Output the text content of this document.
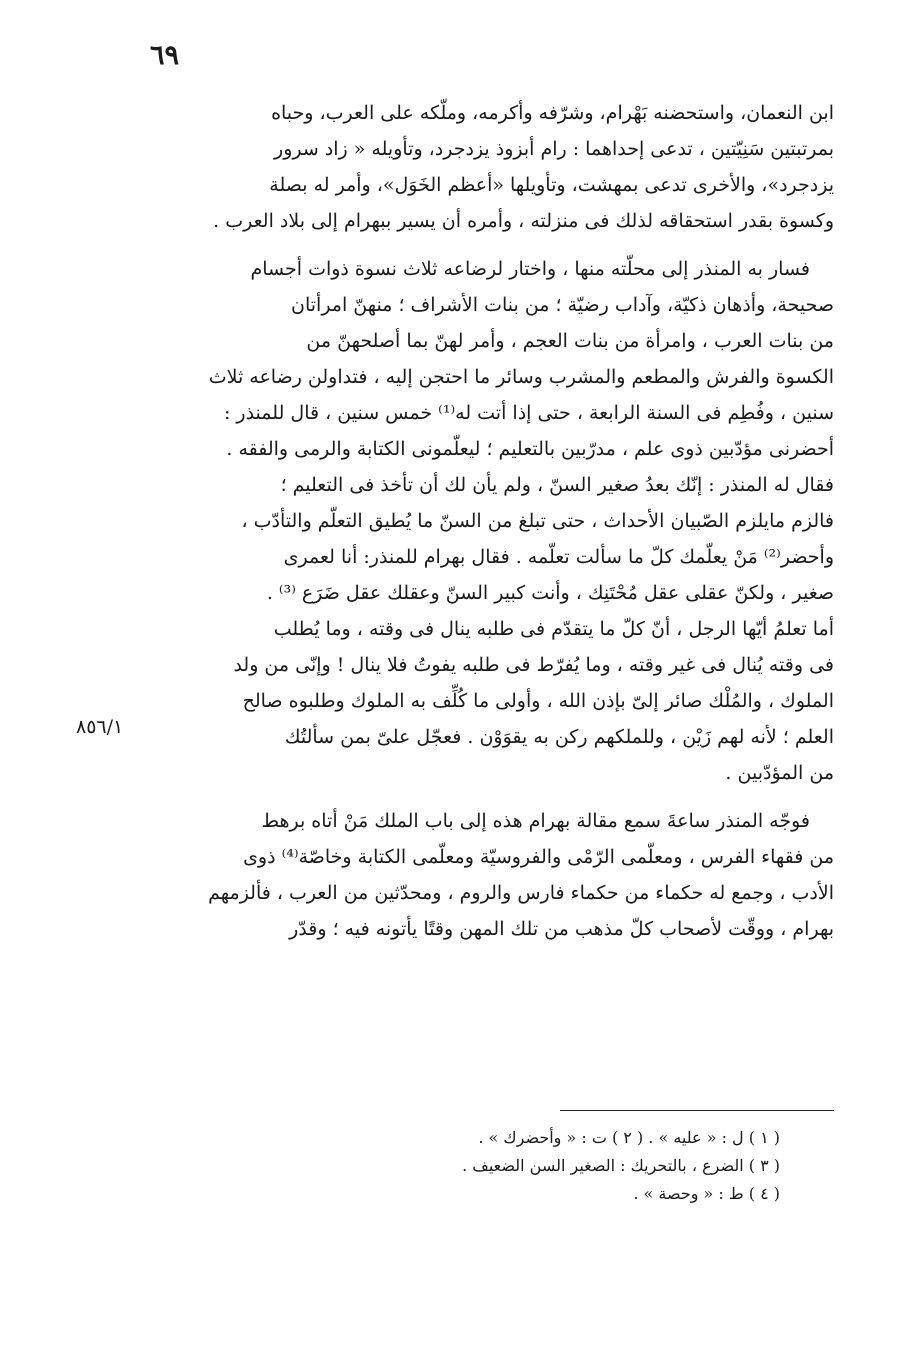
٦٩
٨٥٦/١

ابن النعمان، واستحضنه بَهْرام، وشرّفه وأكرمه، وملّكه على العرب، وحباه
بمرتبتين سَنِيّتين ، تدعى إحداهما : رام أبزوذ يزدجرد، وتأويله « زاد سرور
يزدجرد»، والأخرى تدعى بمهشت، وتأويلها «أعظم الخَوَل»، وأمر له بصلة
وكسوة بقدر استحقاقه لذلك فى منزلته ، وأمره أن يسير ببهرام إلى بلاد العرب .

فسار به المنذر إلى محلّته منها ، واختار لرضاعه ثلاث نسوة ذوات أجسام
صحيحة، وأذهان ذكيّة، وآداب رضيّة ؛ من بنات الأشراف ؛ منهنّ امرأتان
من بنات العرب ، وامرأة من بنات العجم ، وأمر لهنّ بما أصلحهنّ من
الكسوة والفرش والمطعم والمشرب وسائر ما احتجن إليه ، فتداولن رضاعه ثلاث
سنين ، وفُطِم فى السنة الرابعة ، حتى إذا أتت له⁽¹⁾ خمس سنين ، قال للمنذر :
أحضرنى مؤدّبين ذوى علم ، مدرّبين بالتعليم ؛ ليعلّمونى الكتابة والرمى والفقه .
فقال له المنذر : إنّك بعدُ صغير السنّ ، ولم يأن لك أن تأخذ فى التعليم ؛
فالزم مايلزم الصّبيان الأحداث ، حتى تبلغ من السنّ ما يُطيق التعلّم والتأدّب ،
وأحضر⁽²⁾ مَنْ يعلّمك كلّ ما سألت تعلّمه . فقال بهرام للمنذر: أنا لعمرى
صغير ، ولكنّ عقلى عقل مُحْتَنِك ، وأنت كبير السنّ وعقلك عقل ضَرَع ⁽³⁾ .
أما تعلمُ أيّها الرجل ، أنّ كلّ ما يتقدّم فى طلبه ينال فى وقته ، وما يُطلب
فى وقته يُنال فى غير وقته ، وما يُفرّط فى طلبه يفوتُ فلا ينال ! وإنّى من ولد
الملوك ، والمُلْك صائر إلىّ بإذن الله ، وأولى ما كُلِّف به الملوك وطلبوه صالح
العلم ؛ لأنه لهم زَيْن ، وللملكهم ركن به يقوَوْن . فعجّل علىّ بمن سألتُك
من المؤدّبين .

فوجّه المنذر ساعةَ سمع مقالة بهرام هذه إلى باب الملك مَنْ أتاه برهط
من فقهاء الفرس ، ومعلّمى الرّمْى والفروسيّة ومعلّمى الكتابة وخاصّة⁽⁴⁾ ذوى
الأدب ، وجمع له حكماء من حكماء فارس والروم ، ومحدّثين من العرب ، فألزمهم
بهرام ، ووقّت لأصحاب كلّ مذهب من تلك المهن وقتًا يأتونه فيه ؛ وقدّر

( ١ ) ل : « عليه » . ( ٢ ) ت : « وأحضرك » .
( ٣ ) الضرع ، بالتحريك : الصغير السن الضعيف .
( ٤ ) ط : « وحصة » .
